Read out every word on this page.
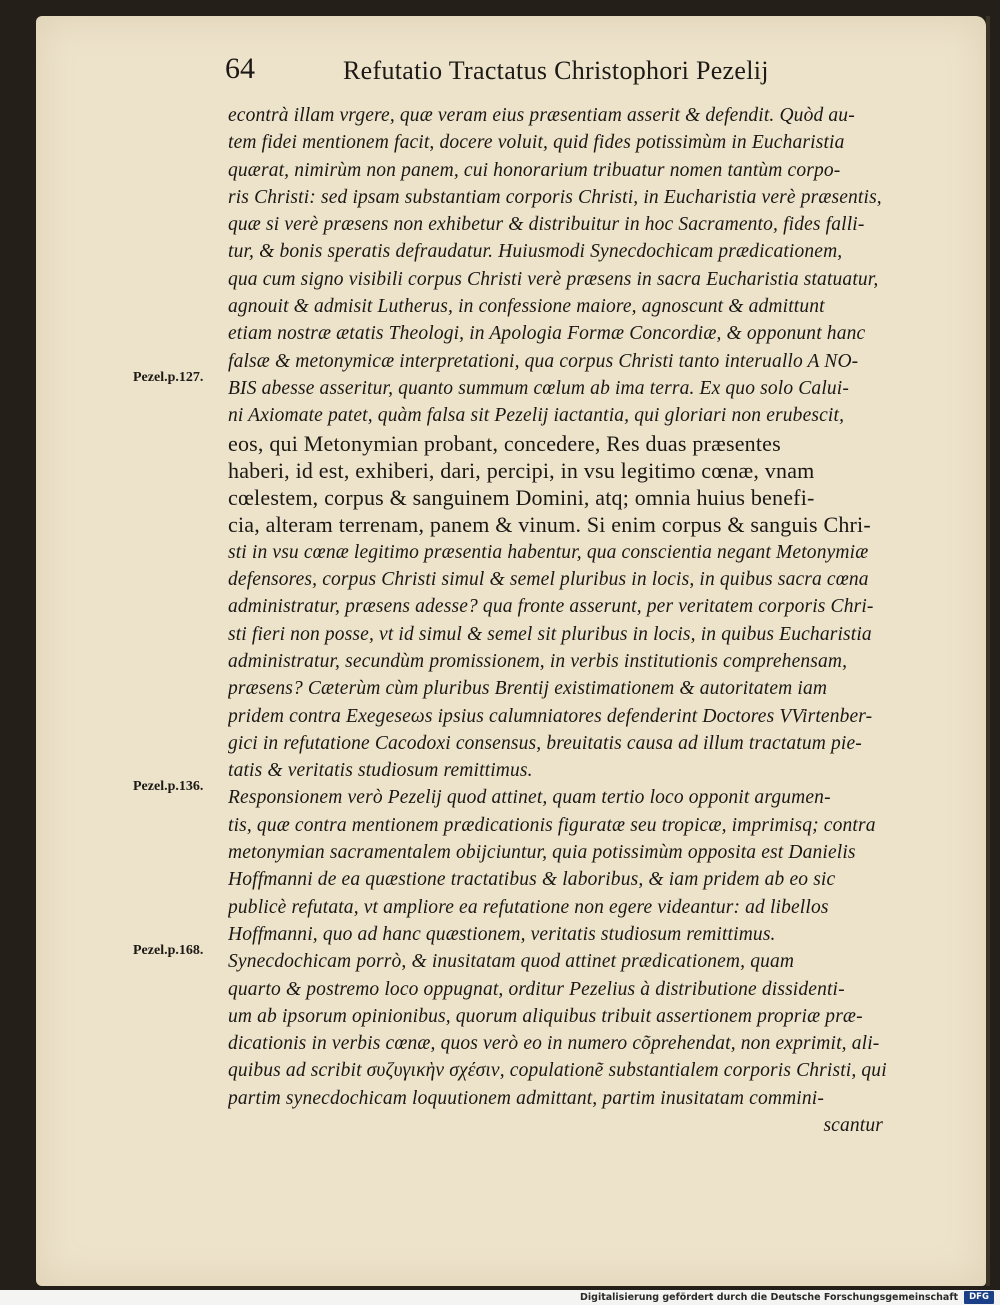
64	Refutatio Tractatus Christophori Pezelij
econtrà illam vrgere, quæ veram eius præsentiam asserit & defendit. Quòd au-
tem fidei mentionem facit, docere voluit, quid fides potissimùm in Eucharistia
quærat, nimirùm non panem, cui honorarium tribuatur nomen tantùm corpo-
ris Christi: sed ipsam substantiam corporis Christi, in Eucharistia verè præsentis,
quæ si verè præsens non exhibetur & distribuitur in hoc Sacramento, fides falli-
tur, & bonis speratis defraudatur. Huiusmodi Synecdochicam prædicationem,
qua cum signo visibili corpus Christi verè præsens in sacra Eucharistia statuatur,
agnouit & admisit Lutherus, in confessione maiore, agnoscunt & admittunt
etiam nostræ ætatis Theologi, in Apologia Formæ Concordiæ, & opponunt hanc
falsæ & metonymicæ interpretationi, qua corpus Christi tanto interuallo A NO-
BIS abesse asseritur, quanto summum cœlum ab ima terra. Ex quo solo Calui-
ni Axiomate patet, quàm falsa sit Pezelij iactantia, qui gloriari non erubescit,
eos, qui Metonymian probant, concedere, Res duas præsentes
haberi, id est, exhiberi, dari, percipi, in vsu legitimo cœnæ, vnam
cœlestem, corpus & sanguinem Domini, atq; omnia huius benefi-
cia, alteram terrenam, panem & vinum. Si enim corpus & sanguis Chri-
sti in vsu cœnæ legitimo præsentia habentur, qua conscientia negant Metonymiæ
defensores, corpus Christi simul & semel pluribus in locis, in quibus sacra cœna
administratur, præsens adesse? qua fronte asserunt, per veritatem corporis Chri-
sti fieri non posse, vt id simul & semel sit pluribus in locis, in quibus Eucharistia
administratur, secundùm promissionem, in verbis institutionis comprehensam,
præsens? Cæterùm cùm pluribus Brentij existimationem & autoritatem iam
pridem contra Exegeseωs ipsius calumniatores defenderint Doctores VVirtenber-
gici in refutatione Cacodoxi consensus, breuitatis causa ad illum tractatum pie-
tatis & veritatis studiosum remittimus.
Responsionem verò Pezelij quod attinet, quam tertio loco opponit argumen-
tis, quæ contra mentionem prædicationis figuratæ seu tropicæ, imprimisq; contra
metonymian sacramentalem obijciuntur, quia potissimùm opposita est Danielis
Hoffmanni de ea quæstione tractatibus & laboribus, & iam pridem ab eo sic
publicè refutata, vt ampliore ea refutatione non egere videantur: ad libellos
Hoffmanni, quo ad hanc quæstionem, veritatis studiosum remittimus.
Synecdochicam porrò, & inusitatam quod attinet prædicationem, quam
quarto & postremo loco oppugnat, orditur Pezelius à distributione dissidenti-
um ab ipsorum opinionibus, quorum aliquibus tribuit assertionem propriæ præ-
dicationis in verbis cœnæ, quos verò eo in numero cõprehendat, non exprimit, ali-
quibus ad scribit συζυγικὴν σχέσιν, copulationẽ substantialem corporis Christi, qui
partim synecdochicam loquutionem admittant, partim inusitatam commini-
scantur
Pezel.p.127.
Pezel.p.136.
Pezel.p.168.
Digitalisierung gefördert durch die Deutsche Forschungsgemeinschaft	DFG
